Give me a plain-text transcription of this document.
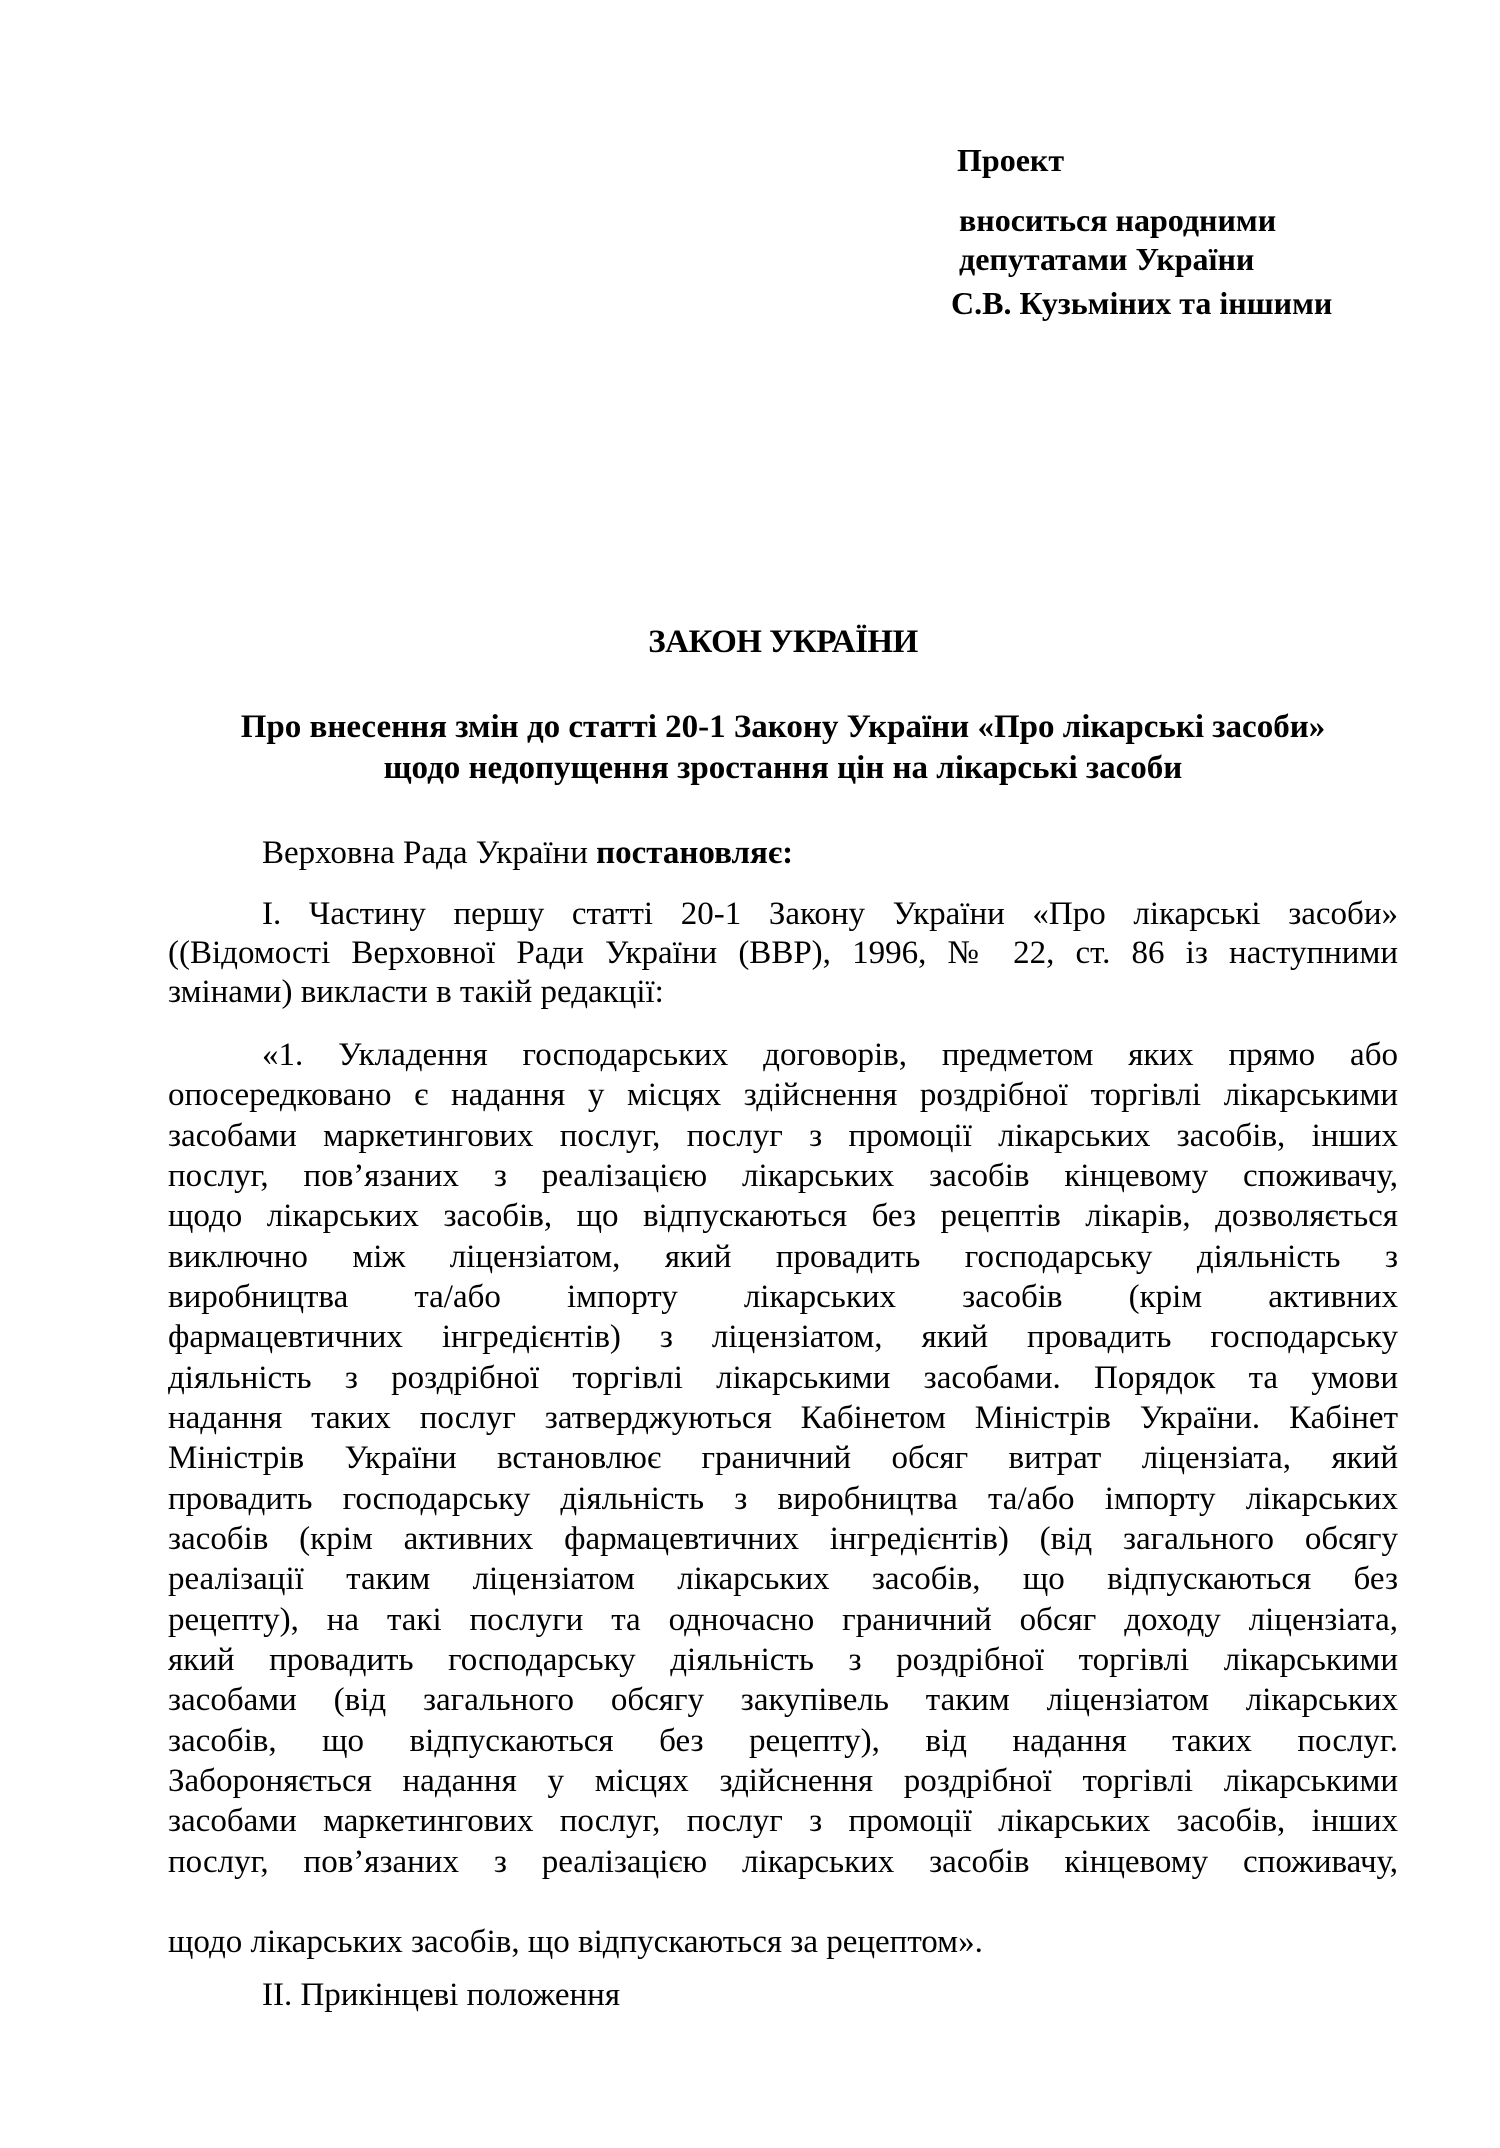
Проект
вноситься народними
депутатами України
С.В. Кузьміних та іншими
ЗАКОН УКРАЇНИ
Про внесення змін до статті 20-1 Закону України «Про лікарські засоби»
щодо недопущення зростання цін на лікарські засоби
Верховна Рада України постановляє:
І. Частину першу статті 20-1 Закону України «Про лікарські засоби»
((Відомості Верховної Ради України (ВВР), 1996, № 22, ст. 86 із наступними
змінами) викласти в такій редакції:
«1. Укладення господарських договорів, предметом яких прямо або
опосередковано є надання у місцях здійснення роздрібної торгівлі лікарськими
засобами маркетингових послуг, послуг з промоції лікарських засобів, інших
послуг, пов’язаних з реалізацією лікарських засобів кінцевому споживачу,
щодо лікарських засобів, що відпускаються без рецептів лікарів, дозволяється
виключно між ліцензіатом, який провадить господарську діяльність з
виробництва та/або імпорту лікарських засобів (крім активних
фармацевтичних інгредієнтів) з ліцензіатом, який провадить господарську
діяльність з роздрібної торгівлі лікарськими засобами. Порядок та умови
надання таких послуг затверджуються Кабінетом Міністрів України. Кабінет
Міністрів України встановлює граничний обсяг витрат ліцензіата, який
провадить господарську діяльність з виробництва та/або імпорту лікарських
засобів (крім активних фармацевтичних інгредієнтів) (від загального обсягу
реалізації таким ліцензіатом лікарських засобів, що відпускаються без
рецепту), на такі послуги та одночасно граничний обсяг доходу ліцензіата,
який провадить господарську діяльність з роздрібної торгівлі лікарськими
засобами (від загального обсягу закупівель таким ліцензіатом лікарських
засобів, що відпускаються без рецепту), від надання таких послуг.
Забороняється надання у місцях здійснення роздрібної торгівлі лікарськими
засобами маркетингових послуг, послуг з промоції лікарських засобів, інших
послуг, пов’язаних з реалізацією лікарських засобів кінцевому споживачу,
щодо лікарських засобів, що відпускаються за рецептом».
ІІ. Прикінцеві положення
